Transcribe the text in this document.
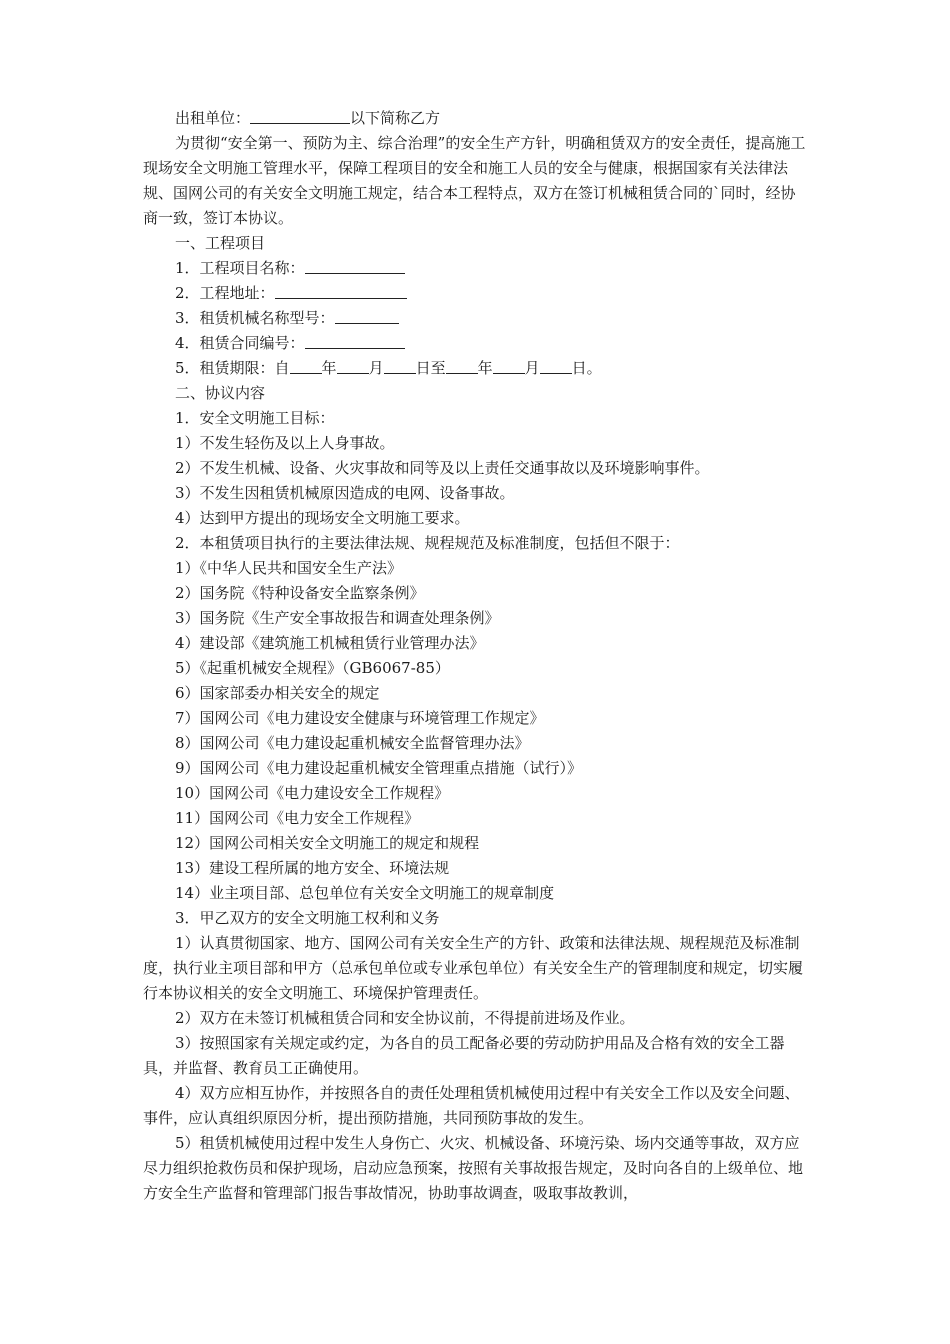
出租单位：	以下简称乙方
为贯彻“安全第一、预防为主、综合治理”的安全生产方针，明确租赁双方的安全责任，提高施工现场安全文明施工管理水平，保障工程项目的安全和施工人员的安全与健康，根据国家有关法律法规、国网公司的有关安全文明施工规定，结合本工程特点，双方在签订机械租赁合同的`同时，经协商一致，签订本协议。
一、工程项目
1．工程项目名称：
2．工程地址：
3．租赁机械名称型号：
4．租赁合同编号：
5．租赁期限：自 年 月 日至 年 月 日。
二、协议内容
1．安全文明施工目标：
1）不发生轻伤及以上人身事故。
2）不发生机械、设备、火灾事故和同等及以上责任交通事故以及环境影响事件。
3）不发生因租赁机械原因造成的电网、设备事故。
4）达到甲方提出的现场安全文明施工要求。
2．本租赁项目执行的主要法律法规、规程规范及标准制度，包括但不限于：
1）《中华人民共和国安全生产法》
2）国务院《特种设备安全监察条例》
3）国务院《生产安全事故报告和调查处理条例》
4）建设部《建筑施工机械租赁行业管理办法》
5）《起重机械安全规程》（GB6067-85）
6）国家部委办相关安全的规定
7）国网公司《电力建设安全健康与环境管理工作规定》
8）国网公司《电力建设起重机械安全监督管理办法》
9）国网公司《电力建设起重机械安全管理重点措施（试行）》
10）国网公司《电力建设安全工作规程》
11）国网公司《电力安全工作规程》
12）国网公司相关安全文明施工的规定和规程
13）建设工程所属的地方安全、环境法规
14）业主项目部、总包单位有关安全文明施工的规章制度
3．甲乙双方的安全文明施工权利和义务
1）认真贯彻国家、地方、国网公司有关安全生产的方针、政策和法律法规、规程规范及标准制度，执行业主项目部和甲方（总承包单位或专业承包单位）有关安全生产的管理制度和规定，切实履行本协议相关的安全文明施工、环境保护管理责任。
2）双方在未签订机械租赁合同和安全协议前，不得提前进场及作业。
3）按照国家有关规定或约定，为各自的员工配备必要的劳动防护用品及合格有效的安全工器具，并监督、教育员工正确使用。
4）双方应相互协作，并按照各自的责任处理租赁机械使用过程中有关安全工作以及安全问题、事件，应认真组织原因分析，提出预防措施，共同预防事故的发生。
5）租赁机械使用过程中发生人身伤亡、火灾、机械设备、环境污染、场内交通等事故，双方应尽力组织抢救伤员和保护现场，启动应急预案，按照有关事故报告规定，及时向各自的上级单位、地方安全生产监督和管理部门报告事故情况，协助事故调查，吸取事故教训，
